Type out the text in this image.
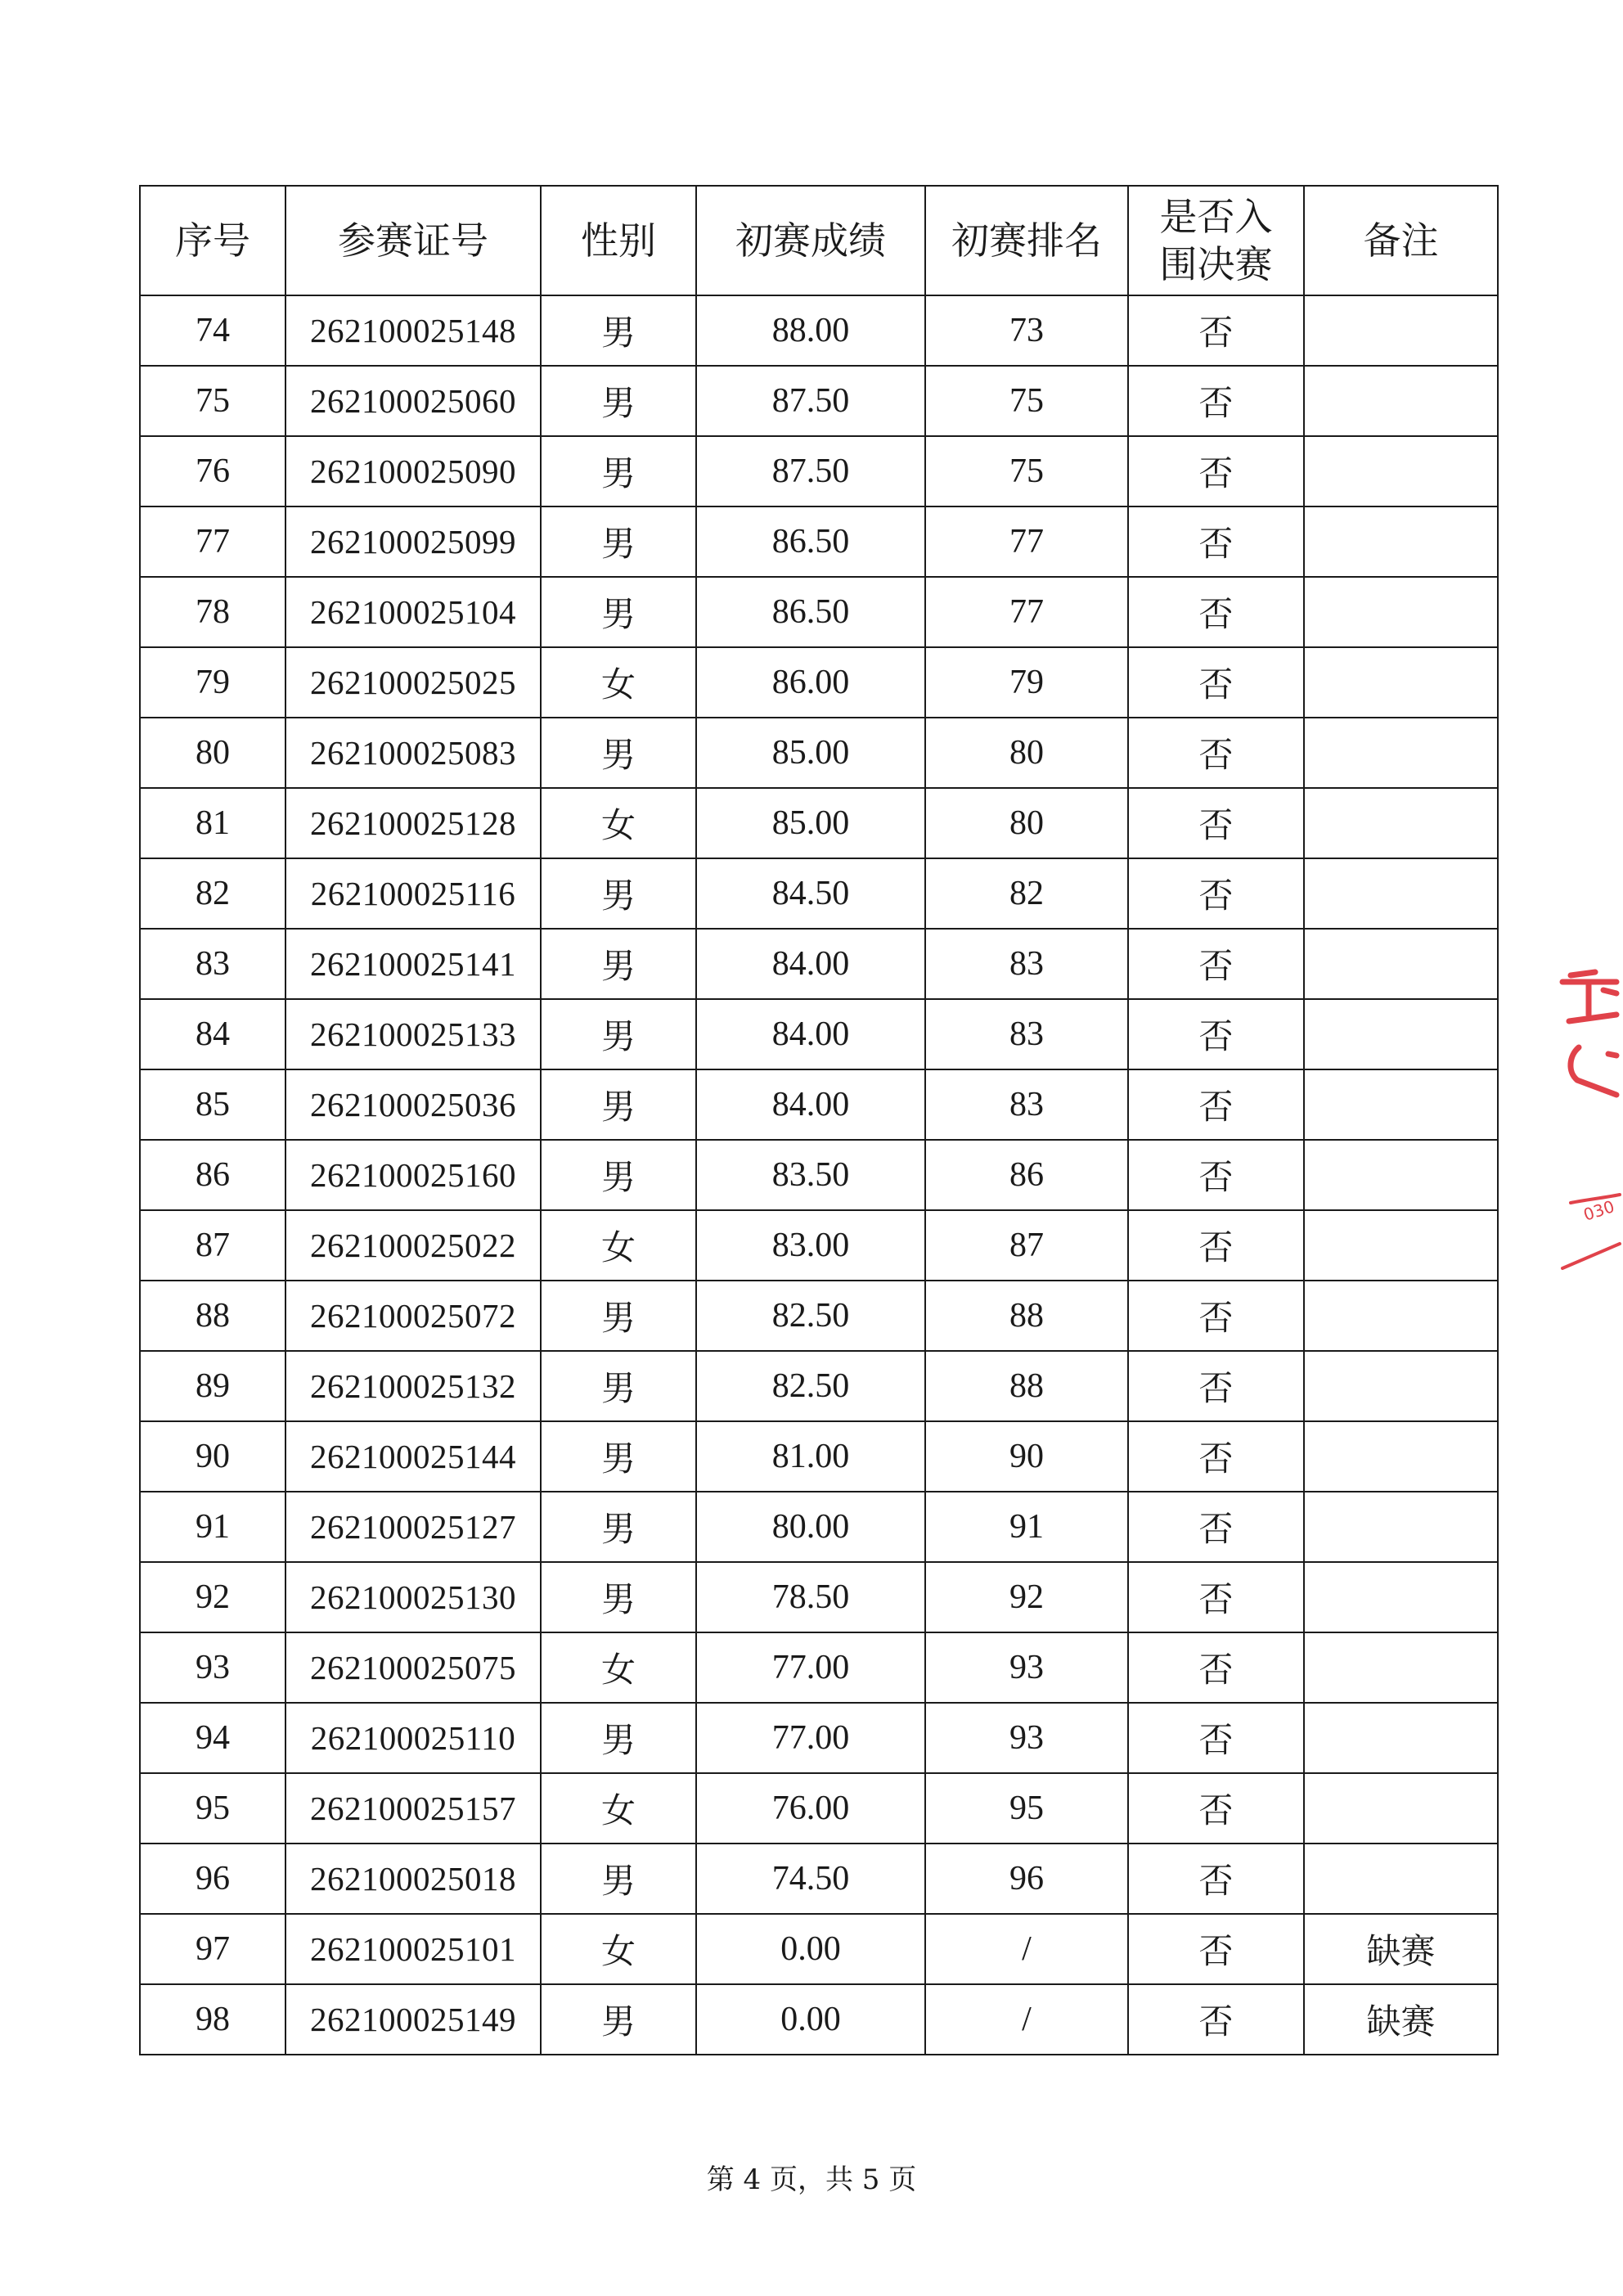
序号	参赛证号	性别	初赛成绩	初赛排名	是否入围决赛	备注
74	262100025148	男	88.00	73	否	
75	262100025060	男	87.50	75	否	
76	262100025090	男	87.50	75	否	
77	262100025099	男	86.50	77	否	
78	262100025104	男	86.50	77	否	
79	262100025025	女	86.00	79	否	
80	262100025083	男	85.00	80	否	
81	262100025128	女	85.00	80	否	
82	262100025116	男	84.50	82	否	
83	262100025141	男	84.00	83	否	
84	262100025133	男	84.00	83	否	
85	262100025036	男	84.00	83	否	
86	262100025160	男	83.50	86	否	
87	262100025022	女	83.00	87	否	
88	262100025072	男	82.50	88	否	
89	262100025132	男	82.50	88	否	
90	262100025144	男	81.00	90	否	
91	262100025127	男	80.00	91	否	
92	262100025130	男	78.50	92	否	
93	262100025075	女	77.00	93	否	
94	262100025110	男	77.00	93	否	
95	262100025157	女	76.00	95	否	
96	262100025018	男	74.50	96	否	
97	262100025101	女	0.00	/	否	缺赛
98	262100025149	男	0.00	/	否	缺赛
030
第 4 页，共 5 页
